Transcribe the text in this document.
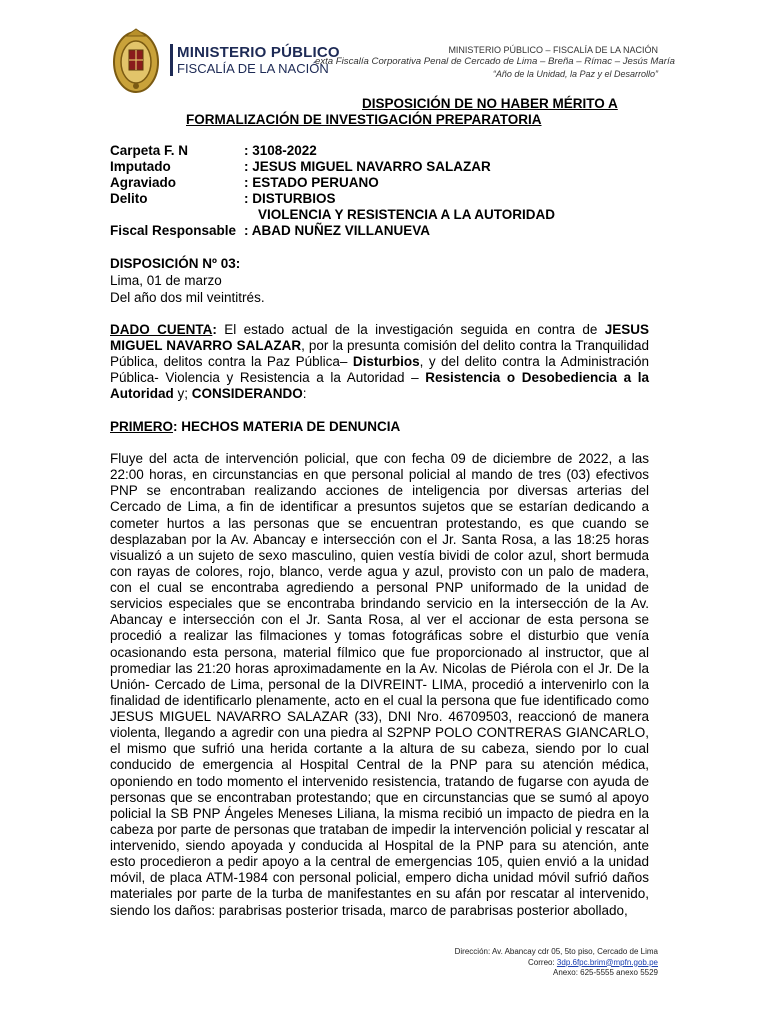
MINISTERIO PÚBLICO
FISCALÍA DE LA NACIÓN
exta Fiscalía Corporativa Penal de Cercado de Lima – Breña – Rímac – Jesús María
MINISTERIO PÚBLICO – FISCALÍA DE LA NACIÓN
“Año de la Unidad, la Paz y el Desarrollo”
DISPOSICIÓN DE NO HABER MÉRITO A
FORMALIZACIÓN DE INVESTIGACIÓN PREPARATORIA
Carpeta F. N	: 3108-2022
Imputado	: JESUS MIGUEL NAVARRO SALAZAR
Agraviado	: ESTADO PERUANO
Delito	: DISTURBIOS
VIOLENCIA Y RESISTENCIA A LA AUTORIDAD
Fiscal Responsable : ABAD NUÑEZ VILLANUEVA
DISPOSICIÓN Nº 03:
Lima, 01 de marzo
Del año dos mil veintitrés.

DADO CUENTA: El estado actual de la investigación seguida en contra de JESUS MIGUEL NAVARRO SALAZAR, por la presunta comisión del delito contra la Tranquilidad Pública, delitos contra la Paz Pública– Disturbios, y del delito contra la Administración Pública- Violencia y Resistencia a la Autoridad – Resistencia o Desobediencia a la Autoridad y; CONSIDERANDO:

PRIMERO: HECHOS MATERIA DE DENUNCIA

Fluye del acta de intervención policial, que con fecha 09 de diciembre de 2022, a las 22:00 horas, en circunstancias en que personal policial al mando de tres (03) efectivos PNP se encontraban realizando acciones de inteligencia por diversas arterias del Cercado de Lima, a fin de identificar a presuntos sujetos que se estarían dedicando a cometer hurtos a las personas que se encuentran protestando, es que cuando se desplazaban por la Av. Abancay e intersección con el Jr. Santa Rosa, a las 18:25 horas visualizó a un sujeto de sexo masculino, quien vestía bividi de color azul, short bermuda con rayas de colores, rojo, blanco, verde agua y azul, provisto con un palo de madera, con el cual se encontraba agrediendo a personal PNP uniformado de la unidad de servicios especiales que se encontraba brindando servicio en la intersección de la Av. Abancay e intersección con el Jr. Santa Rosa, al ver el accionar de esta persona se procedió a realizar las filmaciones y tomas fotográficas sobre el disturbio que venía ocasionando esta persona, material fílmico que fue proporcionado al instructor, que al promediar las 21:20 horas aproximadamente en la Av. Nicolas de Piérola con el Jr. De la Unión- Cercado de Lima, personal de la DIVREINT- LIMA, procedió a intervenirlo con la finalidad de identificarlo plenamente, acto en el cual la persona que fue identificado como JESUS MIGUEL NAVARRO SALAZAR (33), DNI Nro. 46709503, reaccionó de manera violenta, llegando a agredir con una piedra al S2PNP POLO CONTRERAS GIANCARLO, el mismo que sufrió una herida cortante a la altura de su cabeza, siendo por lo cual conducido de emergencia al Hospital Central de la PNP para su atención médica, oponiendo en todo momento el intervenido resistencia, tratando de fugarse con ayuda de personas que se encontraban protestando; que en circunstancias que se sumó al apoyo policial la SB PNP Ángeles Meneses Liliana, la misma recibió un impacto de piedra en la cabeza por parte de personas que trataban de impedir la intervención policial y rescatar al intervenido, siendo apoyada y conducida al Hospital de la PNP para su atención, ante esto procedieron a pedir apoyo a la central de emergencias 105, quien envió a la unidad móvil, de placa ATM-1984 con personal policial, empero dicha unidad móvil sufrió daños materiales por parte de la turba de manifestantes en su afán por rescatar al intervenido, siendo los daños: parabrisas posterior trisada, marco de parabrisas posterior abollado,

Dirección: Av. Abancay cdr 05, 5to piso, Cercado de Lima
Correo: 3dp.6fpc.brim@mpfn.gob.pe
Anexo: 625-5555 anexo 5529
